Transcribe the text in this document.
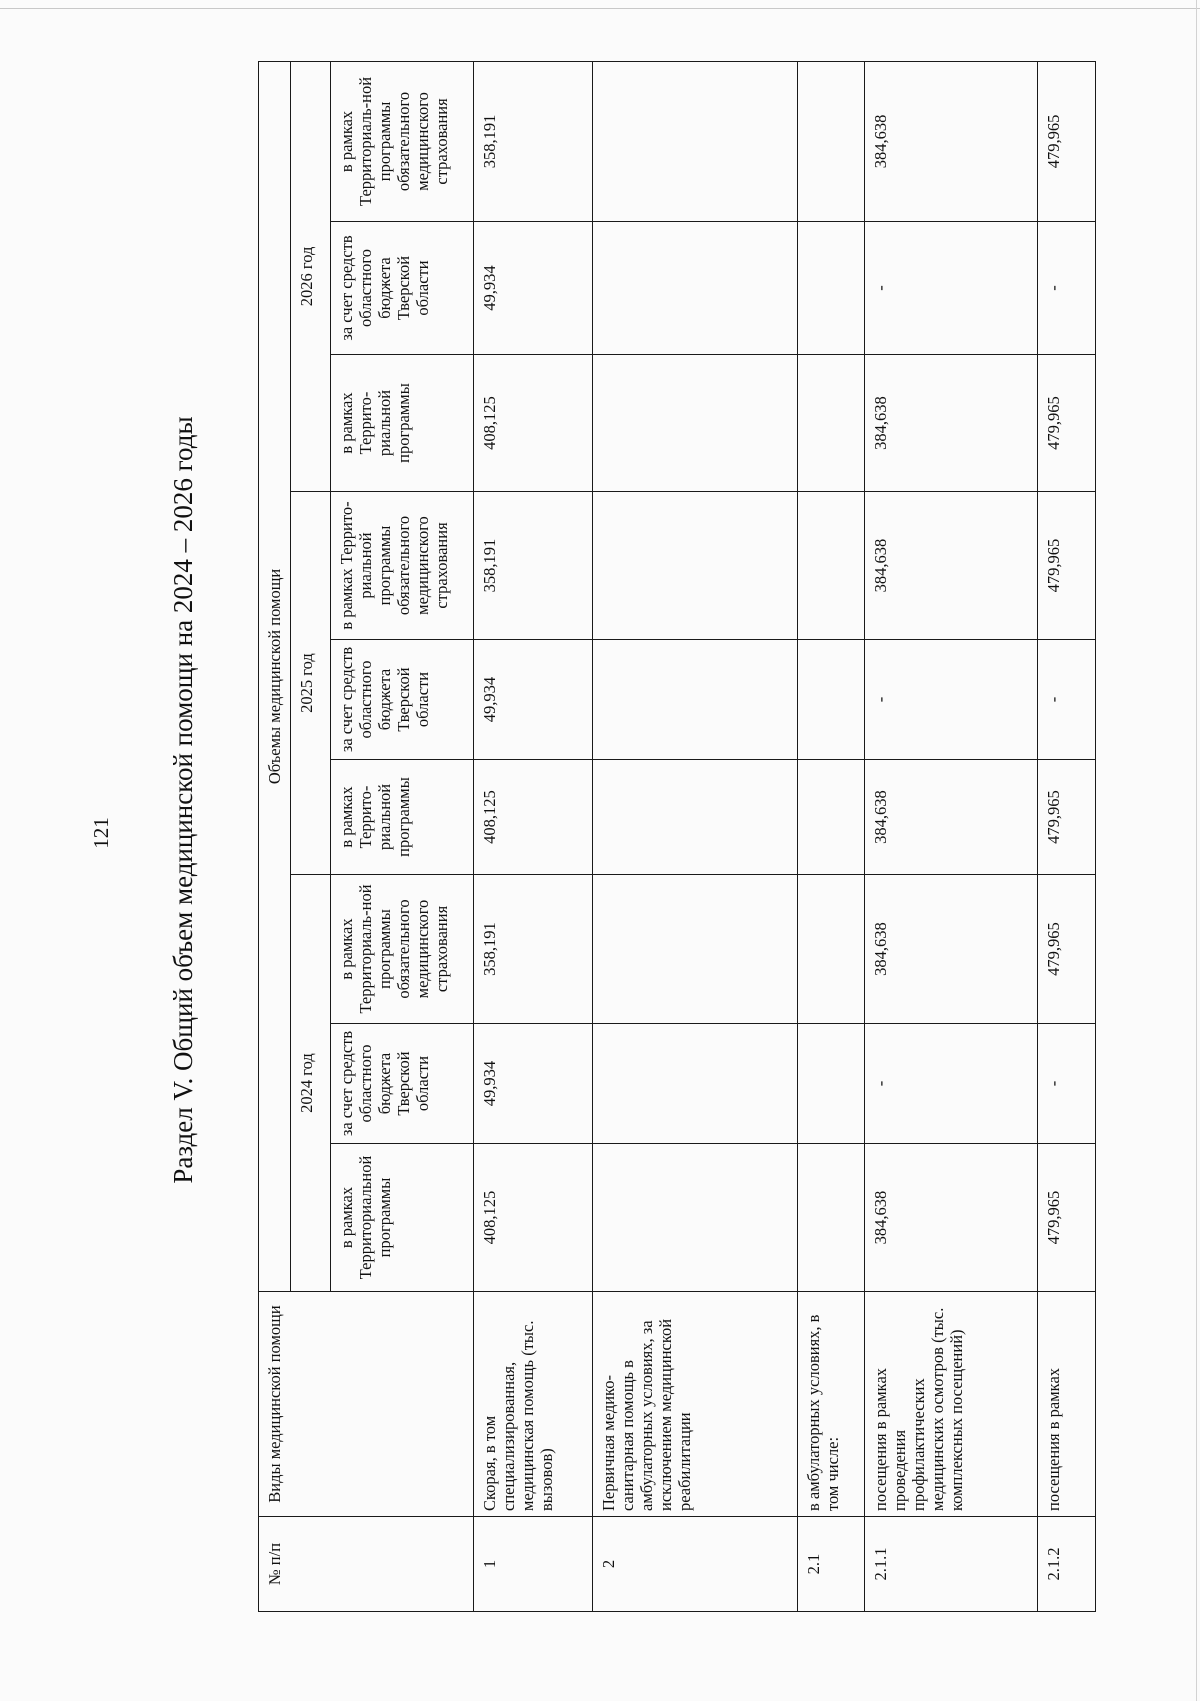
121	Раздел V. Общий объем медицинской помощи на 2024 – 2026 годы
№ п/п	Виды медицинской помощи	Объемы медицинской помощи								
		2024 год			2025 год			2026 год		
		в рамках Территориальной программы	за счет средств областного бюджета Тверской области	в рамках Территориаль-ной программы обязательного медицинского страхования	в рамках Террито-риальной программы	за счет средств областного бюджета Тверской области	в рамках Террито-риальной программы обязательного медицинского страхования	в рамках Террито-риальной программы	за счет средств областного бюджета Тверской области	в рамках Территориаль-ной программы обязательного медицинского страхования
1	Скорая, в том специализированная, медицинская помощь (тыс. вызовов)	408,125	49,934	358,191	408,125	49,934	358,191	408,125	49,934	358,191
2	Первичная медико-санитарная помощь в амбулаторных условиях, за исключением медицинской реабилитации									
2.1	в амбулаторных условиях, в том числе:									
2.1.1	посещения в рамках проведения профилактических медицинских осмотров (тыс. комплексных посещений)	384,638	-	384,638	384,638	-	384,638	384,638	-	384,638
2.1.2	посещения в рамках	479,965	-	479,965	479,965	-	479,965	479,965	-	479,965
